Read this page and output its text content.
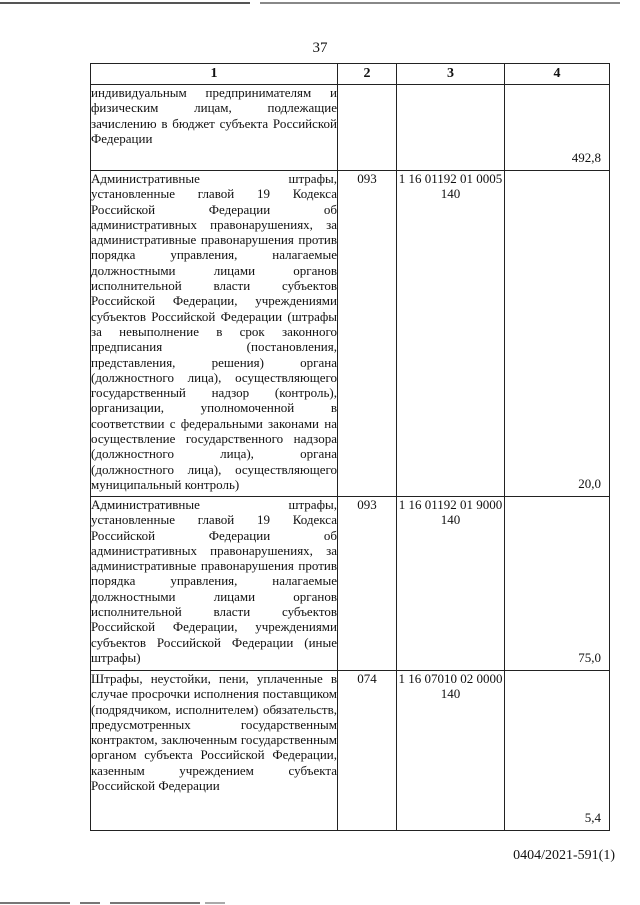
37
1	2	3	4
индивидуальным предпринимателям и физическим лицам, подлежащие зачислению в бюджет субъекта Российской Федерации			492,8

Административные штрафы, установленные главой 19 Кодекса Российской Федерации об административных правонарушениях, за административные правонарушения против порядка управления, налагаемые должностными лицами органов исполнительной власти субъектов Российской Федерации, учреждениями субъектов Российской Федерации (штрафы за невыполнение в срок законного предписания (постановления, представления, решения) органа (должностного лица), осуществляющего государственный надзор (контроль), организации, уполномоченной в соответствии с федеральными законами на осуществление государственного надзора (должностного лица), органа (должностного лица), осуществляющего муниципальный контроль)	093	1 16 01192 01 0005 140	20,0

Административные штрафы, установленные главой 19 Кодекса Российской Федерации об административных правонарушениях, за административные правонарушения против порядка управления, налагаемые должностными лицами органов исполнительной власти субъектов Российской Федерации, учреждениями субъектов Российской Федерации (иные штрафы)	093	1 16 01192 01 9000 140	75,0

Штрафы, неустойки, пени, уплаченные в случае просрочки исполнения поставщиком (подрядчиком, исполнителем) обязательств, предусмотренных государственным контрактом, заключенным государственным органом субъекта Российской Федерации, казенным учреждением субъекта Российской Федерации	074	1 16 07010 02 0000 140	5,4
0404/2021-591(1)
